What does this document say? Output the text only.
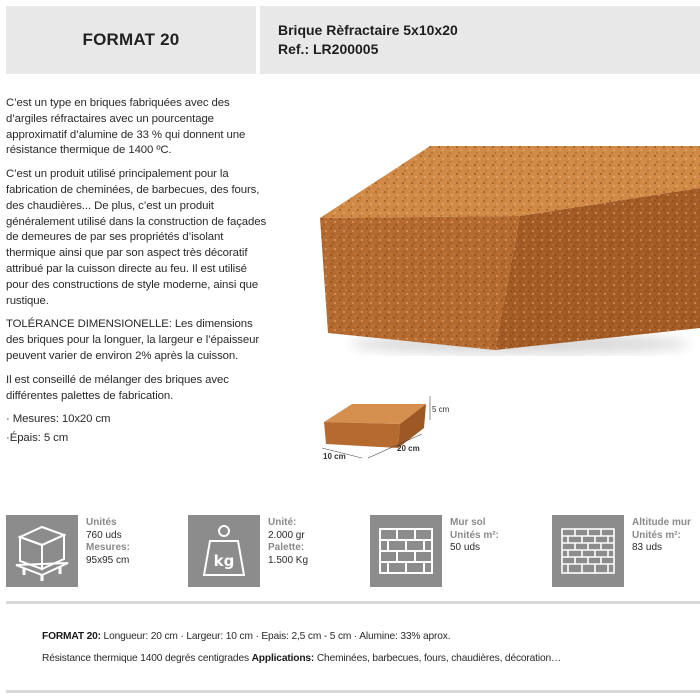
FORMAT 20	Brique Rèfractaire 5x10x20
Ref.: LR200005

C’est un type en briques fabriquées avec des d’argiles réfractaires avec un pourcentage approximatif d’alumine de 33 % qui donnent une résistance thermique de 1400 ºC.

C’est un produit utilisé principalement pour la fabrication de cheminées, de barbecues, des fours, des chaudières... De plus, c’est un produit généralement utilisé dans la construction de façades de demeures de par ses propriétés d’isolant thermique ainsi que par son aspect très décoratif attribué par la cuisson directe au feu. Il est utilisé pour des constructions de style moderne, ainsi que rustique.

TOLÉRANCE DIMENSIONELLE: Les dimensions des briques pour la longuer, la largeur e l’épaisseur peuvent varier de environ 2% après la cuisson.

Il est conseillé de mélanger des briques avec différentes palettes de fabrication.

· Mesures: 10x20 cm

·Épais: 5 cm

5 cm
10 cm
20 cm
Unités
760 uds
Mesures:
95x95 cm	kg
Unité:
2.000 gr
Palette:
1.500 Kg
Mur sol
Unités m²:
50 uds
Altitude mur
Unités m²:
83 uds
FORMAT 20: Longueur: 20 cm · Largeur: 10 cm · Epais: 2,5 cm - 5 cm · Alumine: 33% aprox.
Résistance thermique 1400 degrés centigrades Applications: Cheminées, barbecues, fours, chaudières, décoration…
